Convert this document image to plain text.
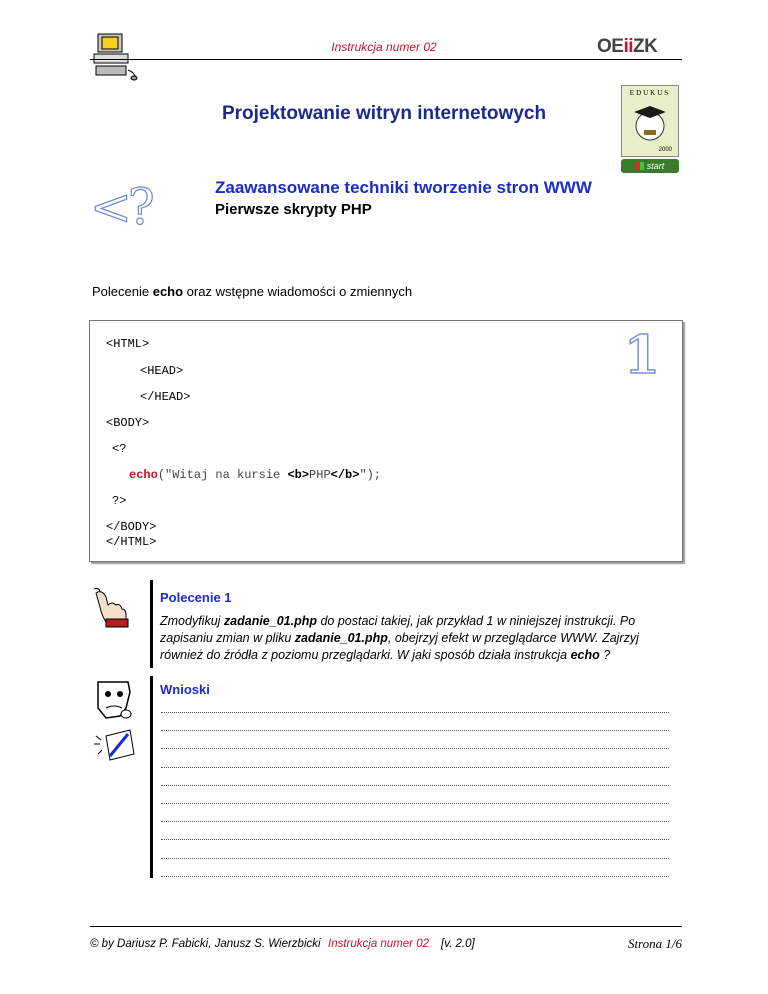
Instrukcja numer 02	OEiiZK
Projektowanie witryn internetowych
EDUKUS
2000
start
<?	Zaawansowane techniki tworzenie stron WWW
Pierwsze skrypty PHP
Polecenie echo oraz wstępne wiadomości o zmiennych
1
<HTML>
<HEAD>
</HEAD>
<BODY>
<?
echo("Witaj na kursie <b>PHP</b>");
?>
</BODY>
</HTML>
Polecenie 1
Zmodyfikuj zadanie_01.php do postaci takiej, jak przykład 1 w niniejszej instrukcji. Po zapisaniu zmian w pliku zadanie_01.php, obejrzyj efekt w przeglądarce WWW. Zajrzyj również do źródła z poziomu przeglądarki. W jaki sposób działa instrukcja echo ?
Wnioski
© by Dariusz P. Fabicki, Janusz S. Wierzbicki Instrukcja numer 02 [v. 2.0]	Strona 1/6
